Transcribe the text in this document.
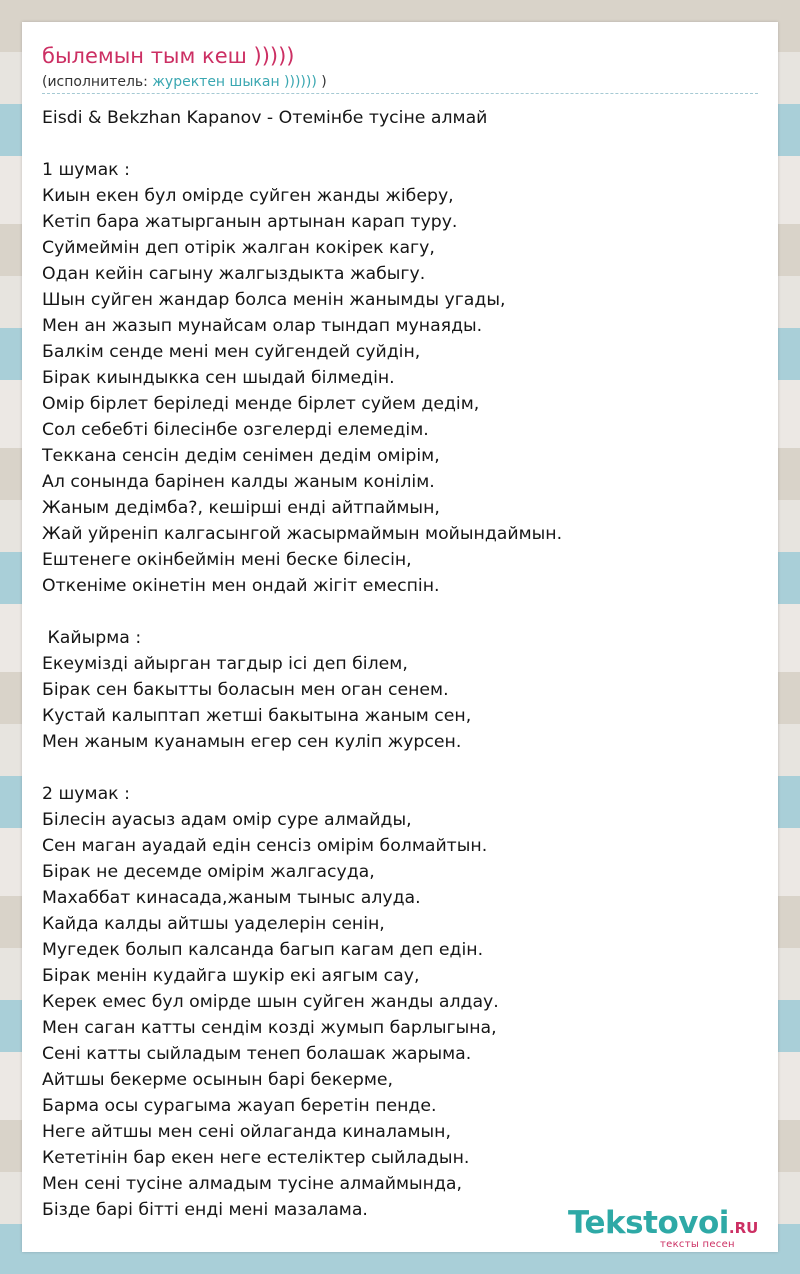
былемын тым кеш )))))
(исполнитель: журектен шыкан )))))) )
Eisdi & Bekzhan Kapanov - Отемiнбе тусiне алмай
1 шумак :
Киын екен бул омiрде суйген жанды жiберу,
Кетiп бара жатырганын артынан карап туру.
Суймеймiн деп отiрiк жалган кокiрек кагу,
Одан кейiн сагыну жалгыздыкта жабыгу.
Шын суйген жандар болса менiн жанымды угады,
Мен ан жазып мунайсам олар тындап мунаяды.
Балкiм сенде менi мен суйгендей суйдiн,
Бiрак киындыкка сен шыдай бiлмедiн.
Омiр бiрлет берiледi менде бiрлет суйем дедiм,
Сол себебтi бiлесiнбе озгелердi елемедiм.
Теккана сенсiн дедiм сенiмен дедiм омiрiм,
Ал сонында барiнен калды жаным конiлiм.
Жаным дедiмба?, кешiршi ендi айтпаймын,
Жай уйренiп калгасынгой жасырмаймын мойындаймын.
Ештенеге окiнбеймiн менi беске бiлесiн,
Откенiме окiнетiн мен ондай жiгiт емеспiн.
Кайырма :
Екеумiздi айырган тагдыр iсi деп бiлем,
Бiрак сен бакытты боласын мен оган сенем.
Кустай калыптап жетшi бакытына жаным сен,
Мен жаным куанамын егер сен кулiп журсен.
2 шумак :
Бiлесiн ауасыз адам омiр суре алмайды,
Сен маган ауадай едiн сенсiз омiрiм болмайтын.
Бiрак не десемде омiрiм жалгасуда,
Махаббат кинасада,жаным тыныс алуда.
Кайда калды айтшы уаделерiн сенiн,
Мугедек болып калсанда багып кагам деп едiн.
Бiрак менiн кудайга шукiр екi аягым сау,
Керек емес бул омiрде шын суйген жанды алдау.
Мен саган катты сендiм козді жумып барлыгына,
Сенi катты сыйладым тенеп болашак жарыма.
Айтшы бекерме осынын барi бекерме,
Барма осы сурагыма жауап беретiн пенде.
Неге айтшы мен сенi ойлаганда киналамын,
Кететiнiн бар екен неге естелiктер сыйладын.
Мен сенi тусiне алмадым тусiне алмаймында,
Бiзде барi бiттi ендi менi мазалама.	Tekstovoi.RU
тексты песен
